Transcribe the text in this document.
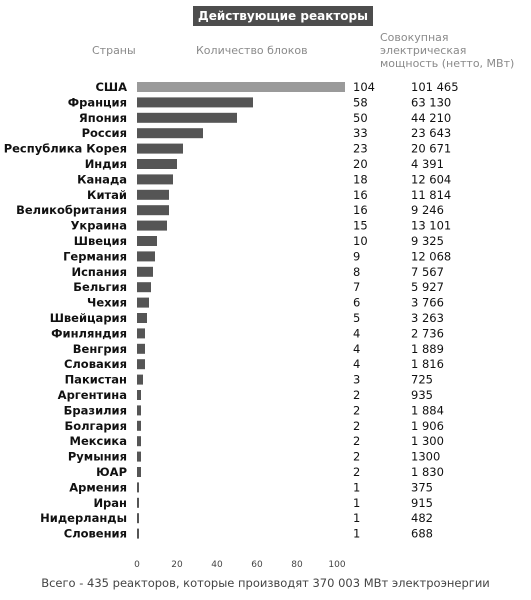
Действующие реакторы
Страны	Количество блоков
Совокупная
электрическая
мощность (нетто, МВт)
США	104	101 465
Франция	58	63 130
Япония	50	44 210
Россия	33	23 643
Республика Корея	23	20 671
Индия	20	4 391
Канада	18	12 604
Китай	16	11 814
Великобритания	16	9 246
Украина	15	13 101
Швеция	10	9 325
Германия	9	12 068
Испания	8	7 567
Бельгия	7	5 927
Чехия	6	3 766
Швейцария	5	3 263
Финляндия	4	2 736
Венгрия	4	1 889
Словакия	4	1 816
Пакистан	3	725
Аргентина	2	935
Бразилия	2	1 884
Болгария	2	1 906
Мексика	2	1 300
Румыния	2	1300
ЮАР	2	1 830
Армения	1	375
Иран	1	915
Нидерланды	1	482
Словения	1	688
0	20	40	60	80	100
Всего - 435 реакторов, которые производят 370 003 МВт электроэнергии
